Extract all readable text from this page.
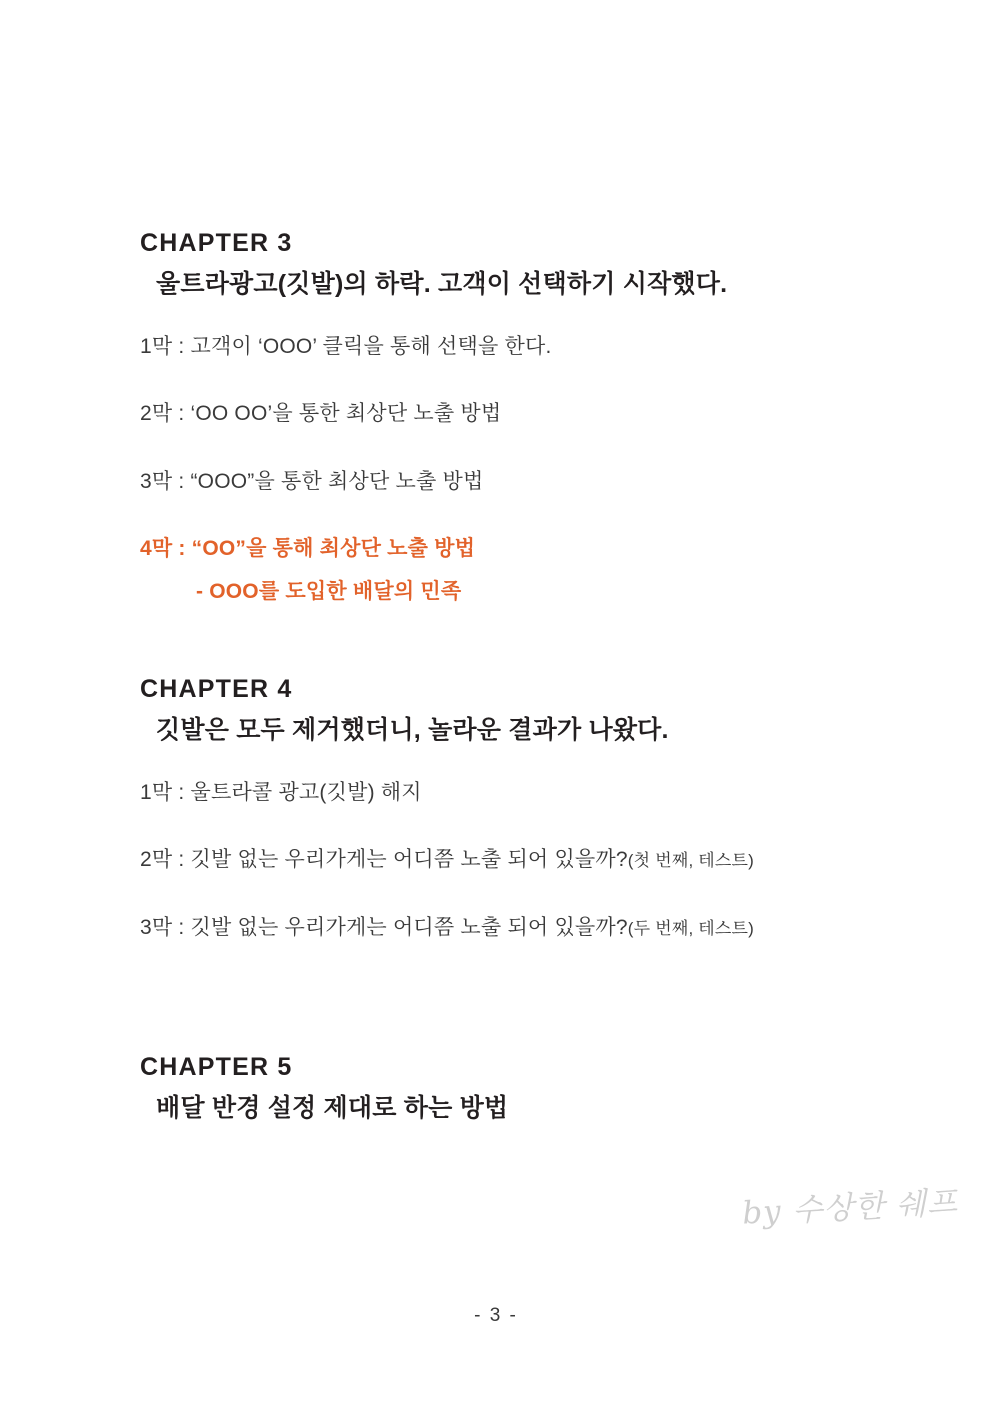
CHAPTER 3
울트라광고(깃발)의 하락. 고객이 선택하기 시작했다.
1막 : 고객이 ‘OOO’ 클릭을 통해 선택을 한다.
2막 : ‘OO OO’을 통한 최상단 노출 방법
3막 : “OOO”을 통한 최상단 노출 방법
4막 : “OO”을 통해 최상단 노출 방법
- OOO를 도입한 배달의 민족
CHAPTER 4
깃발은 모두 제거했더니, 놀라운 결과가 나왔다.
1막 : 울트라콜 광고(깃발) 해지
2막 : 깃발 없는 우리가게는 어디쯤 노출 되어 있을까?(첫 번째, 테스트)
3막 : 깃발 없는 우리가게는 어디쯤 노출 되어 있을까?(두 번째, 테스트)
CHAPTER 5
배달 반경 설정 제대로 하는 방법
by 수상한 쉐프
- 3 -
